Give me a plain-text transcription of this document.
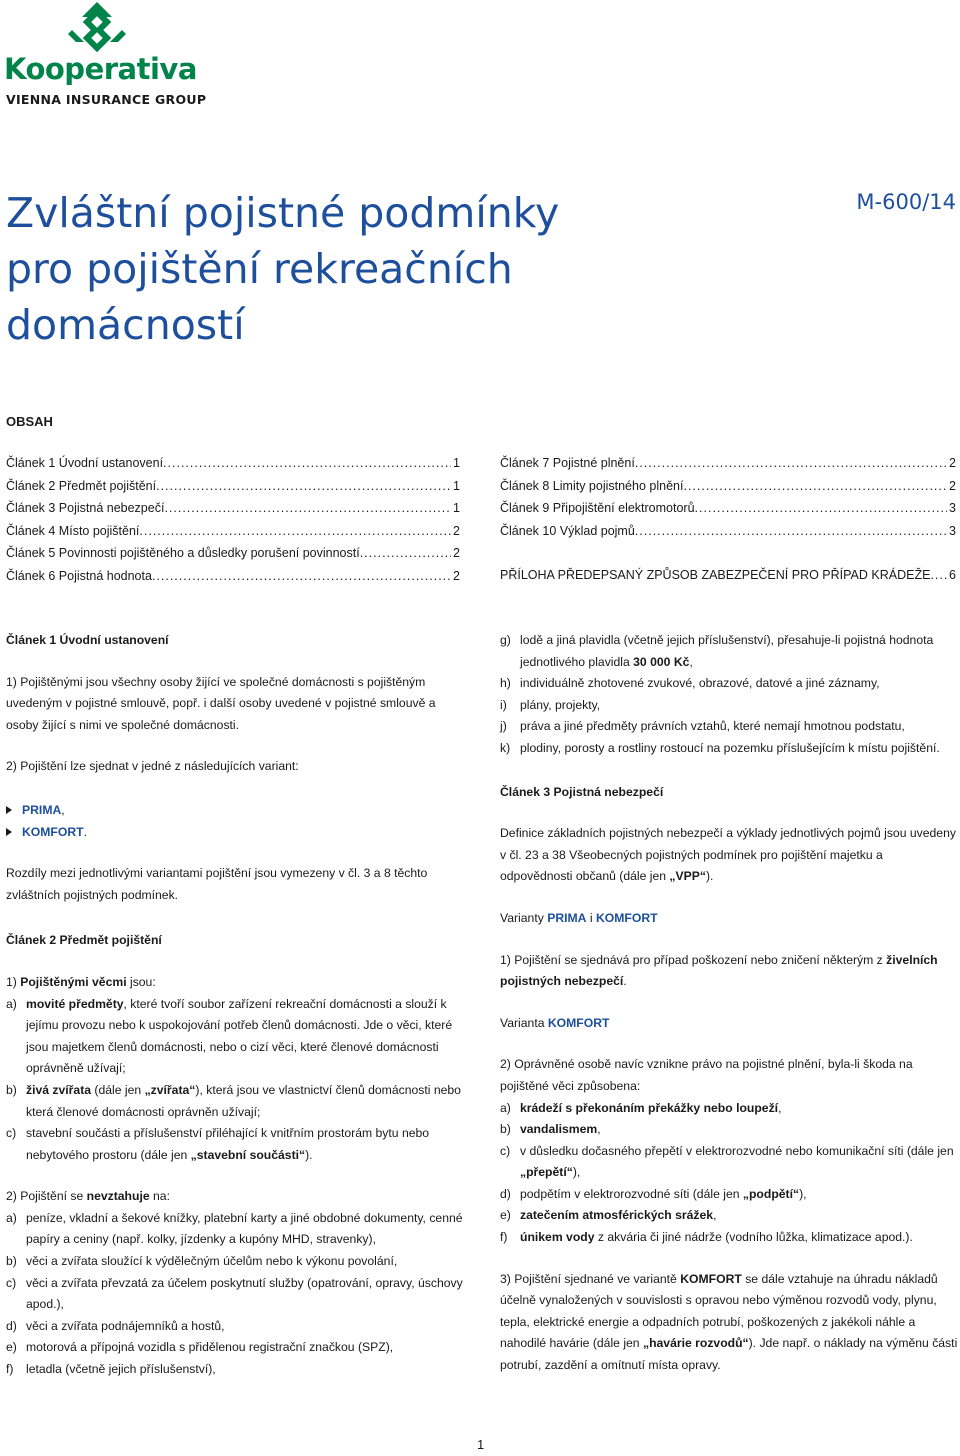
Kooperativa
VIENNA INSURANCE GROUP
Zvláštní pojistné podmínky
pro pojištění rekreačních
domácností
M-600/14
OBSAH
Článek 1 Úvodní ustanovení .....	1
Článek 2 Předmět pojištění .....	1
Článek 3 Pojistná nebezpečí .....	1
Článek 4 Místo pojištění .....	2
Článek 5 Povinnosti pojištěného a důsledky porušení povinností .....	2
Článek 6 Pojistná hodnota .....	2
Článek 7 Pojistné plnění .....	2
Článek 8 Limity pojistného plnění .....	2
Článek 9 Připojištění elektromotorů .....	3
Článek 10 Výklad pojmů .....	3
PŘÍLOHA PŘEDEPSANÝ ZPŮSOB ZABEZPEČENÍ PRO PŘÍPAD KRÁDEŽE ..... 6

Článek 1 Úvodní ustanovení

1) Pojištěnými jsou všechny osoby žijící ve společné domácnosti s pojištěným uvedeným v pojistné smlouvě, popř. i další osoby uvedené v pojistné smlouvě a osoby žijící s nimi ve společné domácnosti.

2) Pojištění lze sjednat v jedné z následujících variant:

PRIMA ,
KOMFORT .

Rozdíly mezi jednotlivými variantami pojištění jsou vymezeny v čl. 3 a 8 těchto zvláštních pojistných podmínek.

Článek 2 Předmět pojištění

1) Pojištěnými věcmi jsou:

a) movité předměty, které tvoří soubor zařízení rekreační domácnosti a slouží k jejímu provozu nebo k uspokojování potřeb členů domácnosti. Jde o věci, které jsou majetkem členů domácnosti, nebo o cizí věci, které členové domácnosti oprávněně užívají;
b) živá zvířata (dále jen „zvířata“), která jsou ve vlastnictví členů domácnosti nebo která členové domácnosti oprávněn užívají;
c) stavební součásti a příslušenství přiléhající k vnitřním prostorám bytu nebo nebytového prostoru (dále jen „stavební součásti“).

2) Pojištění se nevztahuje na:

a) peníze, vkladní a šekové knížky, platební karty a jiné obdobné dokumenty, cenné papíry a ceniny (např. kolky, jízdenky a kupóny MHD, stravenky),
b) věci a zvířata sloužící k výdělečným účelům nebo k výkonu povolání,
c) věci a zvířata převzatá za účelem poskytnutí služby (opatrování, opravy, úschovy apod.),
d) věci a zvířata podnájemníků a hostů,
e) motorová a přípojná vozidla s přidělenou registrační značkou (SPZ),
f)	letadla (včetně jejich příslušenství),
g) lodě a jiná plavidla (včetně jejich příslušenství), přesahuje-li pojistná hodnota jednotlivého plavidla 30 000 Kč,
h) individuálně zhotovené zvukové, obrazové, datové a jiné záznamy,
i)	plány, projekty,
j)	práva a jiné předměty právních vztahů, které nemají hmotnou podstatu,
k) plodiny, porosty a rostliny rostoucí na pozemku příslušejícím k místu pojištění.

Článek 3 Pojistná nebezpečí

Definice základních pojistných nebezpečí a výklady jednotlivých pojmů jsou uvedeny v čl. 23 a 38 Všeobecných pojistných podmínek pro pojištění majetku a odpovědnosti občanů (dále jen „VPP“).

Varianty PRIMA i KOMFORT

1) Pojištění se sjednává pro případ poškození nebo zničení některým z živelních pojistných nebezpečí.

Varianta KOMFORT

2) Oprávněné osobě navíc vznikne právo na pojistné plnění, byla-li škoda na pojištěné věci způsobena:

a) krádeží s překonáním překážky nebo loupeží,
b) vandalismem,
c) v důsledku dočasného přepětí v elektrorozvodné nebo komunikační síti (dále jen „přepětí“),
d) podpětím v elektrorozvodné síti (dále jen „podpětí“),
e) zatečením atmosférických srážek,
f)	únikem vody z akvária či jiné nádrže (vodního lůžka, klimatizace apod.).

3) Pojištění sjednané ve variantě KOMFORT se dále vztahuje na úhradu nákladů účelně vynaložených v souvislosti s opravou nebo výměnou rozvodů vody, plynu, tepla, elektrické energie a odpadních potrubí, poškozených z jakékoli náhle a nahodilé havárie (dále jen „havárie rozvodů“). Jde např. o náklady na výměnu části potrubí, zazdění a omítnutí místa opravy.

1
